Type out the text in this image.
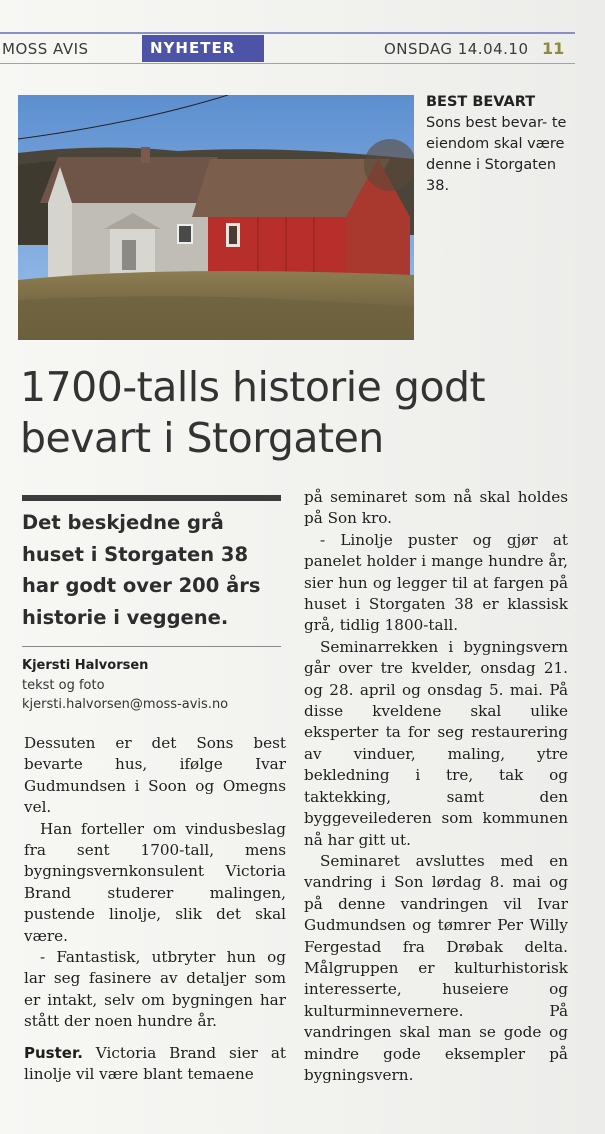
MOSS AVIS	NYHETER	ONSDAG 14.04.10 11
BEST BEVART
Sons best bevar- te eiendom skal være denne i Storgaten 38.
1700-talls historie godt bevart i Storgaten

Det beskjedne grå huset i Storgaten 38 har godt over 200 års historie i veggene.

Kjersti Halvorsen
tekst og foto
kjersti.halvorsen@moss-avis.no

Dessuten er det Sons best bevarte hus, ifølge Ivar Gudmundsen i Soon og Omegns vel.

Han forteller om vindusbeslag fra sent 1700-tall, mens bygningsvernkonsulent Victoria Brand studerer malingen, pustende linolje, slik det skal være.

- Fantastisk, utbryter hun og lar seg fasinere av detaljer som er intakt, selv om bygningen har stått der noen hundre år.

Puster. Victoria Brand sier at linolje vil være blant temaene

på seminaret som nå skal holdes på Son kro.

- Linolje puster og gjør at panelet holder i mange hundre år, sier hun og legger til at fargen på huset i Storgaten 38 er klassisk grå, tidlig 1800-tall.

Seminarrekken i bygningsvern går over tre kvelder, onsdag 21. og 28. april og onsdag 5. mai. På disse kveldene skal ulike eksperter ta for seg restaurering av vinduer, maling, ytre bekledning i tre, tak og taktekking, samt den byggeveilederen som kommunen nå har gitt ut.

Seminaret avsluttes med en vandring i Son lørdag 8. mai og på denne vandringen vil Ivar Gudmundsen og tømrer Per Willy Fergestad fra Drøbak delta. Målgruppen er kulturhistorisk interesserte, huseiere og kulturminnevernere. På vandringen skal man se gode og mindre gode eksempler på bygningsvern.
